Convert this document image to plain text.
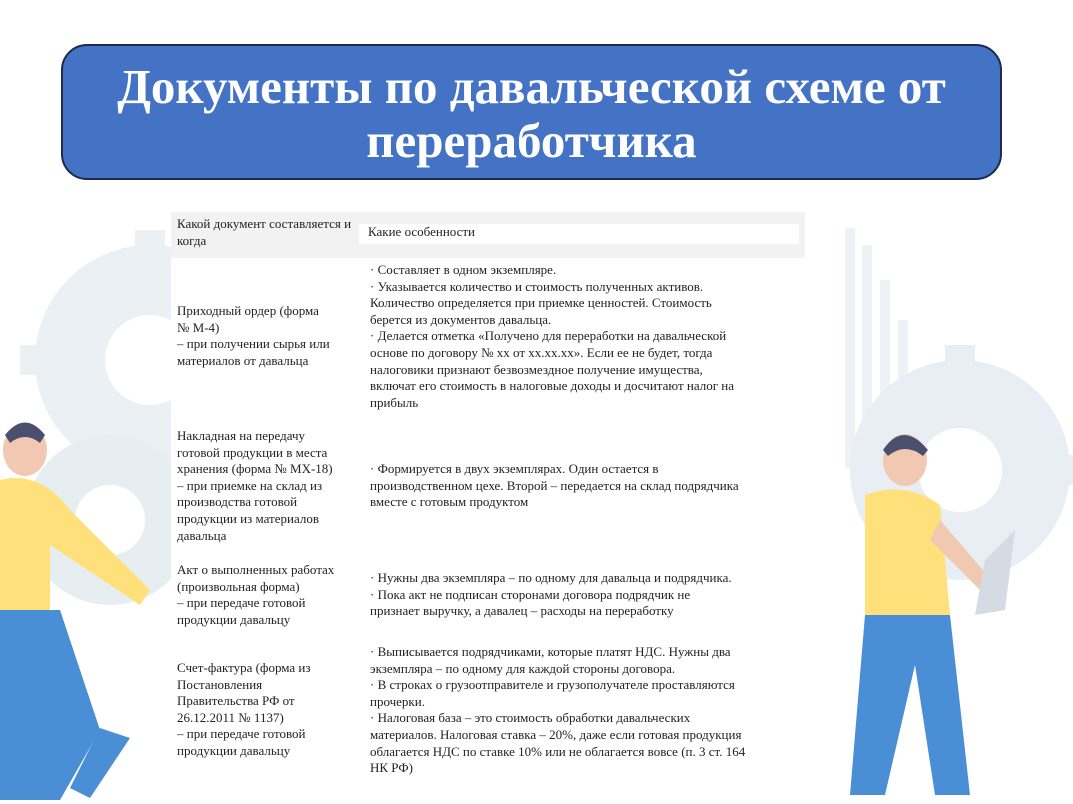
Документы по давальческой схеме от
переработчика
Какой документ составляется и когда
Какие особенности
Приходный ордер (форма
№ М-4)
– при получении сырья или
материалов от давальца
· Составляет в одном экземпляре.
· Указывается количество и стоимость полученных активов.
Количество определяется при приемке ценностей. Стоимость
берется из документов давальца.
· Делается отметка «Получено для переработки на давальческой
основе по договору № хх от хх.хх.хх». Если ее не будет, тогда
налоговики признают безвозмездное получение имущества,
включат его стоимость в налоговые доходы и досчитают налог на
прибыль
Накладная на передачу
готовой продукции в места
хранения (форма № МХ-18)
– при приемке на склад из
производства готовой
продукции из материалов
давальца
· Формируется в двух экземплярах. Один остается в
производственном цехе. Второй – передается на склад подрядчика
вместе с готовым продуктом
Акт о выполненных работах
(произвольная форма)
– при передаче готовой
продукции давальцу
· Нужны два экземпляра – по одному для давальца и подрядчика.
· Пока акт не подписан сторонами договора подрядчик не
признает выручку, а давалец – расходы на переработку
Счет-фактура (форма из
Постановления
Правительства РФ от
26.12.2011 № 1137)
– при передаче готовой
продукции давальцу
· Выписывается подрядчиками, которые платят НДС. Нужны два
экземпляра – по одному для каждой стороны договора.
· В строках о грузоотправителе и грузополучателе проставляются
прочерки.
· Налоговая база – это стоимость обработки давальческих
материалов. Налоговая ставка – 20%, даже если готовая продукция
облагается НДС по ставке 10% или не облагается вовсе (п. 3 ст. 164
НК РФ)
